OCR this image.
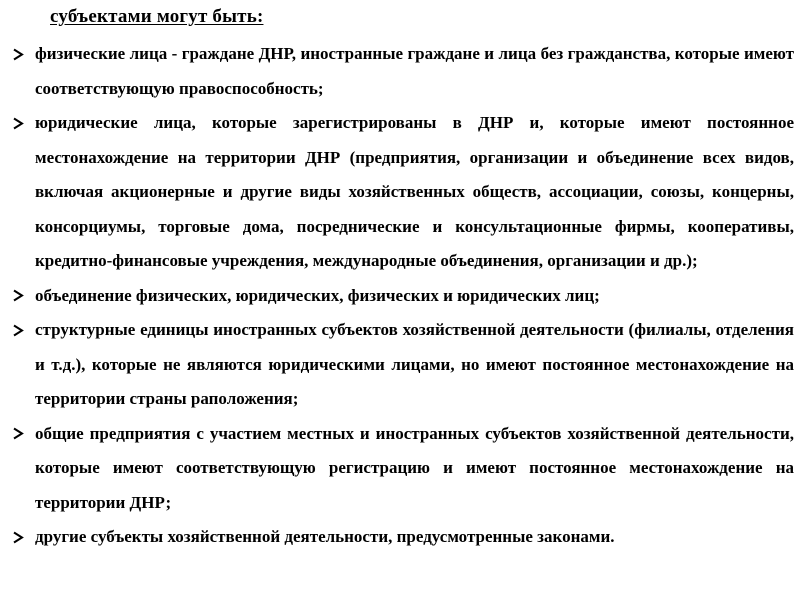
субъектами могут быть:
физические лица - граждане ДНР, иностранные граждане и лица без гражданства, которые имеют соответствующую правоспособность;
юридические лица, которые зарегистрированы в ДНР и, которые имеют постоянное местонахождение на территории ДНР (предприятия, организации и объединение всех видов, включая акционерные и другие виды хозяйственных обществ, ассоциации, союзы, концерны, консорциумы, торговые дома, посреднические и консультационные фирмы, кооперативы, кредитно-финансовые учреждения, международные объединения, организации и др.);
объединение физических, юридических, физических и юридических лиц;
структурные единицы иностранных субъектов хозяйственной деятельности (филиалы, отделения и т.д.), которые не являются юридическими лицами, но имеют постоянное местонахождение на территории страны раположения;
общие предприятия с участием местных и иностранных субъектов хозяйственной деятельности, которые имеют соответствующую регистрацию и имеют постоянное местонахождение на территории ДНР;
другие субъекты хозяйственной деятельности, предусмотренные законами.
